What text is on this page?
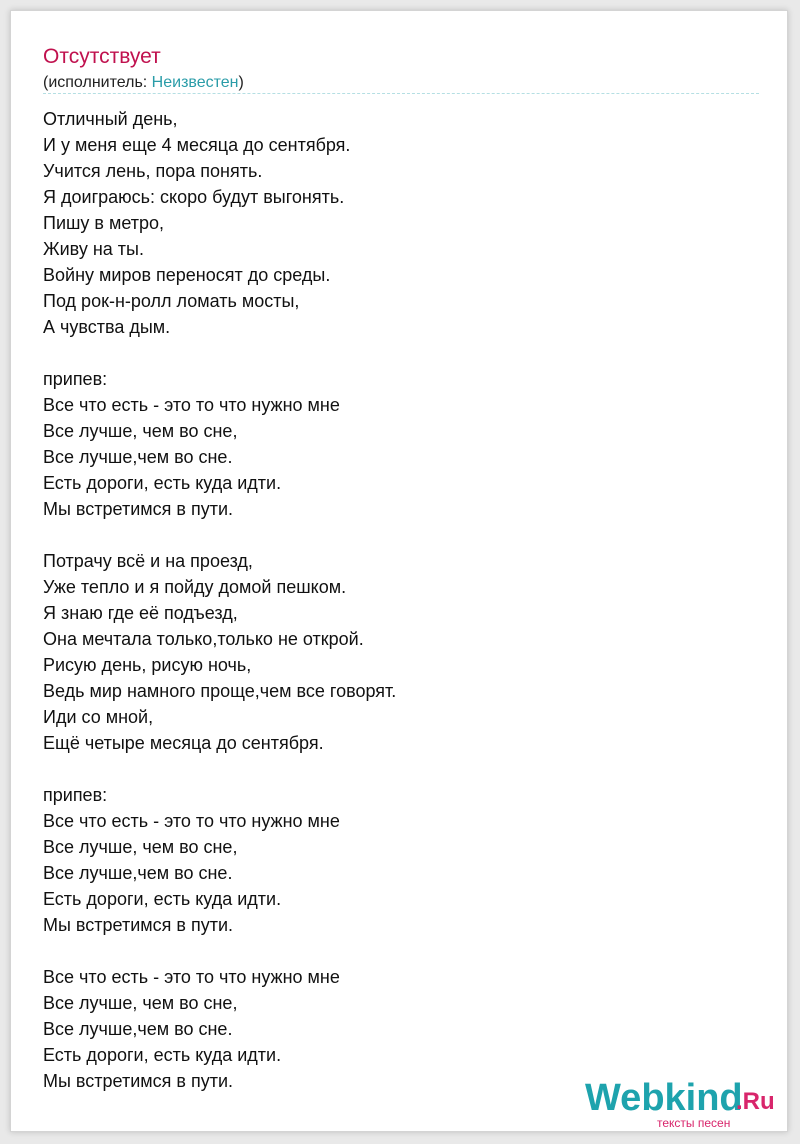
Отсутствует
(исполнитель: Неизвестен)
Отличный день,
И у меня еще 4 месяца до сентября.
Учится лень, пора понять.
Я доиграюсь: скоро будут выгонять.
Пишу в метро,
Живу на ты.
Войну миров переносят до среды.
Под рок-н-ролл ломать мосты,
А чувства дым.
припев:
Все что есть - это то что нужно мне
Все лучше, чем во сне,
Все лучше,чем во сне.
Есть дороги, есть куда идти.
Мы встретимся в пути.
Потрачу всё и на проезд,
Уже тепло и я пойду домой пешком.
Я знаю где её подъезд,
Она мечтала только,только не открой.
Рисую день, рисую ночь,
Ведь мир намного проще,чем все говорят.
Иди со мной,
Ещё четыре месяца до сентября.
припев:
Все что есть - это то что нужно мне
Все лучше, чем во сне,
Все лучше,чем во сне.
Есть дороги, есть куда идти.
Мы встретимся в пути.
Все что есть - это то что нужно мне
Все лучше, чем во сне,
Все лучше,чем во сне.
Есть дороги, есть куда идти.
Мы встретимся в пути.	Webkind
.Ru
тексты песен
